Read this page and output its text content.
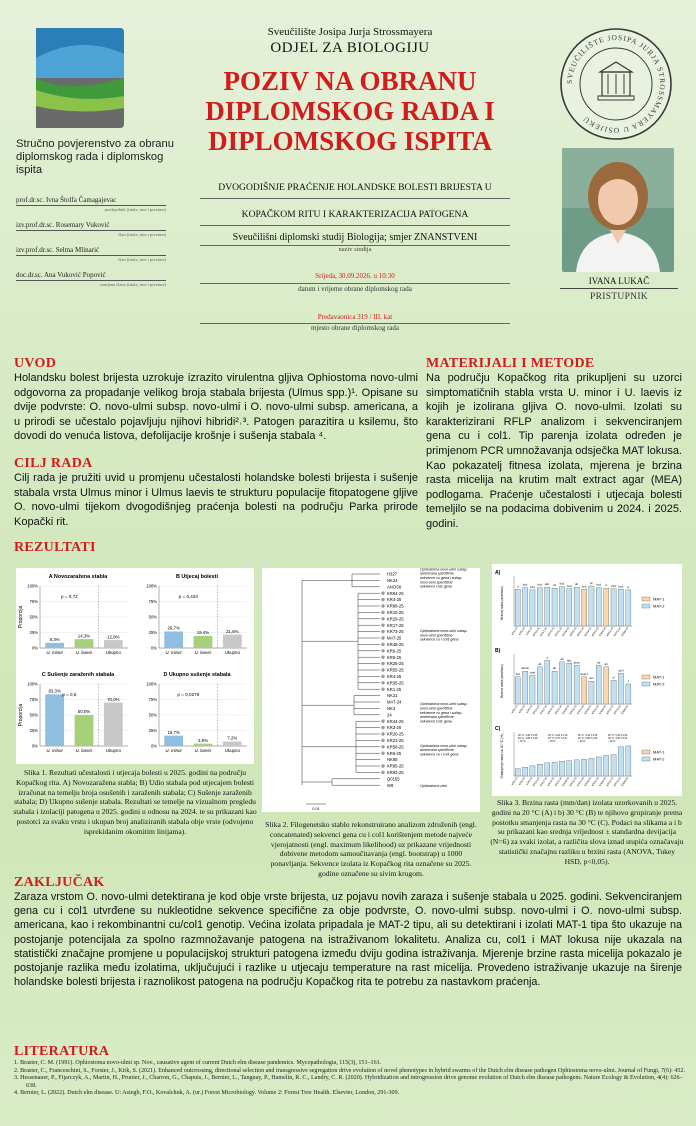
Stručno povjerenstvo za obranu diplomskog rada i diplomskog ispita
prof.dr.sc. Ivna Štolfa Čamagajevac
predsjednik (titula, ime i prezime)
izv.prof.dr.sc. Rosemary Vuković
član (titula, ime i prezime)
izv.prof.dr.sc. Selma Mlinarić
član (titula, ime i prezime)
doc.dr.sc. Ana Vuković Popović
zamjena člana (titula, ime i prezime)
Sveučilište Josipa Jurja Strossmayera
ODJEL ZA BIOLOGIJU
POZIV NA OBRANU
DIPLOMSKOG RADA I
DIPLOMSKOG ISPITA
DVOGODIŠNJE PRAĆENJE HOLANDSKE BOLESTI BRIJESTA U
KOPAČKOM RITU I KARAKTERIZACIJA PATOGENA
Sveučilišni diplomski studij Biologija; smjer ZNANSTVENI
naziv studija
Srijeda, 30.09.2026. u 10:30
datum i vrijeme obrane diplomskog rada
Predavaonica 319 / III. kat
mjesto obrane diplomskog rada
SVEUČILIŠTE JOSIPA JURJA STROSSMAYERA U OSIJEKU
IVANA LUKAČ
PRISTUPNIK
UVOD
Holandsku bolest brijesta uzrokuje izrazito virulentna gljiva Ophiostoma novo-ulmi odgovorna za propadanje velikog broja stabala brijesta (Ulmus spp.)¹. Opisane su dvije podvrste: O. novo-ulmi subsp. novo-ulmi i O. novo-ulmi subsp. americana, a u prirodi se učestalo pojavljuju njihovi hibridi²˒³. Patogen parazitira u ksilemu, što dovodi do venuća listova, defolijacije krošnje i sušenja stabala ⁴.
CILJ RADA
Cilj rada je pružiti uvid u promjenu učestalosti holandske bolesti brijesta i sušenje stabala vrsta Ulmus minor i Ulmus laevis te strukturu populacije fitopatogene gljive O. novo-ulmi tijekom dvogodišnjeg praćenja bolesti na području Parka prirode Kopački rit.
MATERIJALI I METODE
Na području Kopačkog rita prikupljeni su uzorci simptomatičnih stabla vrsta U. minor i U. laevis iz kojih je izolirana gljiva O. novo-ulmi. Izolati su karakterizirani RFLP analizom i sekvenciranjem gena cu i col1. Tip parenja izolata određen je primjenom PCR umnožavanja odsječka MAT lokusa. Kao pokazatelj fitnesa izolata, mjerena je brzina rasta micelija na krutim malt extract agar (MEA) podlogama. Praćenje učestalosti i utjecaja bolesti temeljilo se na podacima dobivenim u 2024. i 2025. godini.
REZULTATI
A Novozaražena stabla
Proporcija
0%
25%
50%
75%
100%
8,3%
U. minor
14,3%
U. laevis
12,8%
Ukupno
p = 0,72
B Utjecaj bolesti
0%
25%
50%
75%
100%
26,7%
U. minor
19,4%
U. laevis
21,6%
Ukupno
p = 0,434
C Sušenje zaraženih stabala
Proporcija
0%
25%
50%
75%
100%
83,3%
U. minor
50,0%
U. laevis
70,0%
Ukupno
p = 0,5
D Ukupno sušenje stabala
0%
25%
50%
75%
100%
16,7%
U. minor
3,8%
U. laevis
7,2%
Ukupno
p = 0,0278
Slika 1. Rezultati učestalosti i utjecaja bolesti u 2025. godini na području Kopačkog rita. A) Novozaražena stabla; B) Udio stabala pod utjecajem bolesti izračunat na temelju broja osušenih i zaraženih stabala; C) Sušenje zaraženih stabala; D) Ukupno sušenje stabala. Rezultati se temelje na vizualnom pregledu stabala i izolaciji patogena u 2025. godini u odnosu na 2024. te su prikazani kao postotci za svaku vrstu i ukupan broj analiziranih stabala obje vrste (odvojeno isprekidanim okomitim linijama).
H327
NK24
ANOS6
KR64-25
KR4-25
KR88-25
KR10-25
KR29-25
KR17-25
KR73-25
MAT-25
KR48-25
KR6-25
KR5-25
KR25-25
KR55-25
KR4-25
KR35-25
KR1-25
NK21
MAT-24
NK4
24
KR44-25
KR3-25
KR20-25
KR21-25
KR58-25
KR6-25
NK88
KR85-25
KR93-25
Q0155
W9
Ophiostoma novo-ulmi subsp. americana specifične sekvence cu gena i subsp. novo-ulmi specifične sekvence col1 gena
Ophiostoma novo-ulmi subsp. novo-ulmi specifične sekvence cu i col1 gena
Ophiostoma novo-ulmi subsp. novo-ulmi specifične sekvence cu gena i subsp. americana specifične sekvence col1 gena
Ophiostoma novo-ulmi subsp. americana specifične sekvence cu i col1 gena
Ophiostoma ulmi
0.01
Slika 2. Filogenetsko stablo rekonstruirano analizom združenih (engl. concatenated) sekvenci gena cu i col1 korištenjem metode najveće vjerojatnosti (engl. maximum likelihood) uz prikazane vrijednosti dobivene metodom samoučitavanja (engl. bootstrap) u 1000 ponavljanja. Sekvence izolata iz Kopačkog rita označene su 2025. godine označene su sivim krugom.
A)
Brzina rasta (mm/dan)	d
KR4-25
bcd
KR5-25
bcd
KR6-25
bcd
KR10-25
abc
KR17-25
cd
KR20-25
bcd
KR25-25
bcd
KR29-25
ab
KR35-25
bcd
KR44-25
bc
KR48-25
bcd
KR55-25
a
KR58-25
bcd
KR64-25
bcd
KR73-25
d
KR88-25
MAT-1
MAT-2
B)
Brzina rasta (mm/dan)	def
KR4-25
abcde
KR5-25
cdef
KR6-25
ab
KR10-25
a
KR17-25
ab
KR20-25
ab
KR25-25
abc
KR29-25
abcd
KR35-25
bcdef
KR44-25
def
KR48-25
ab
KR55-25
ab
KR58-25
ef
KR64-25
cdef
KR73-25
f
KR88-25
MAT-1
MAT-2
C)
Smanjenje rasta na 30 °C (%)
KR4-25 KR5-25 KR6-25 KR10-25 KR17-25 KR20-25 KR25-25 KR29-25 KR35-25 KR44-25 KR48-25 KR55-25 KR58-25 KR64-25 KR73-25 KR88-25
30 °C: 1,95 ± 0,35 20 °C: 1,89 ± 0,29 ≈ 37 %
30 °C: 4,24 ± 0,26 20 °C: 6,37 ± 0,27 ≈ 33 %
30 °C: 3,94 ± 0,25 20 °C: 6,86 ± 0,25 ≈ 42 %
20 °C: 5,34 ± 0,54 30 °C: 3,40 ± 0,31 ≈ 52 %
MAT-1
MAT-2
Slika 3. Brzina rasta (mm/dan) izolata uzorkovanih u 2025. godini na 20 °C (A) i b) 30 °C (B) te njihovo grupiranje prema postotku smanjenja rasta na 30 °C (C). Podaci na slikama a i b su prikazani kao srednja vrijednost ± standardna devijacija (N=6) za svaki izolat, a različita slova iznad stupića označavaju statistički značajnu razliku u brzini rasta (ANOVA, Tukey HSD, p<0,05).
ZAKLJUČAK
Zaraza vrstom O. novo-ulmi detektirana je kod obje vrste brijesta, uz pojavu novih zaraza i sušenje stabala u 2025. godini. Sekvenciranjem gena cu i col1 utvrđene su nukleotidne sekvence specifične za obje podvrste, O. novo-ulmi subsp. novo-ulmi i O. novo-ulmi subsp. americana, kao i rekombinantni cu/col1 genotip. Većina izolata pripadala je MAT-2 tipu, ali su detektirani i izolati MAT-1 tipa što ukazuje na postojanje potencijala za spolno razmnožavanje patogena na istraživanom lokalitetu. Analiza cu, col1 i MAT lokusa nije ukazala na statistički značajne promjene u populacijskoj strukturi patogena između dviju godina istraživanja. Mjerenje brzine rasta micelija pokazalo je postojanje razlika među izolatima, uključujući i razlike u utjecaju temperature na rast micelija. Provedeno istraživanje ukazuje na širenje holandske bolesti brijesta i raznolikost patogena na području Kopačkog rita te potrebu za nastavkom praćenja.
LITERATURA
1. Brasier, C. M. (1991). Ophiostoma novo-ulmi sp. Nov., causative agent of current Dutch elm disease pandemics. Mycopathologia, 115(3), 151–161.
2. Brasier, C., Franceschini, S., Forster, J., Kirk, S. (2021). Enhanced outcrossing, directional selection and transgressive segregation drive evolution of novel phenotypes in hybrid swarms of the Dutch elm disease pathogen Ophiostoma novo-ulmi. Journal of Fungi, 7(6): 452.
3. Hessenauer, P., Fijarczyk, A., Martin, H., Prunier, J., Charron, G., Chapuis, J., Bernier, L., Tanguay, P., Hamelin, R. C., Landry, C. R. (2020). Hybridization and introgression drive genome evolution of Dutch elm disease pathogens. Nature Ecology & Evolution, 4(4): 626–638.
4. Bernier, L. (2022). Dutch elm disease. U: Asiegb, F.O., Kovalchuk, A. (ur.) Forest Microbiology. Volume 2: Forest Tree Health. Elsevier, London, 291-309.
